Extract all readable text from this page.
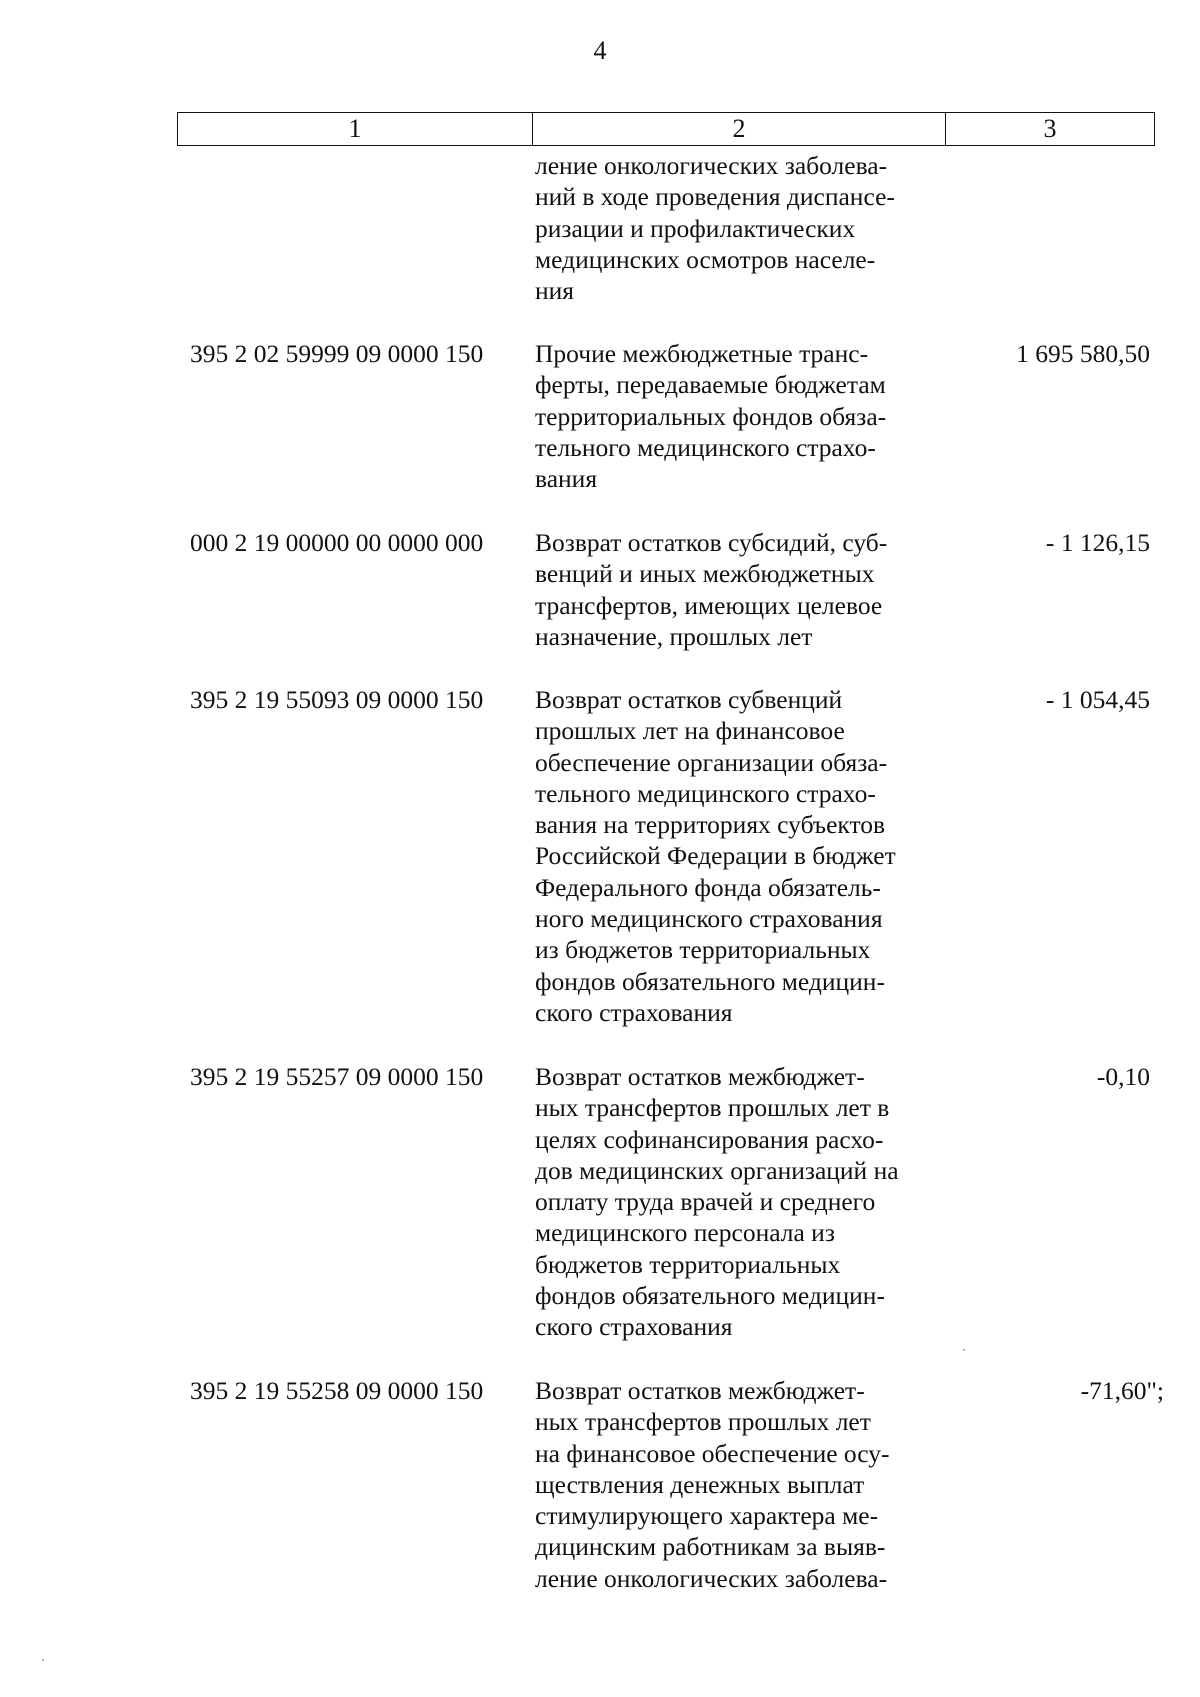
4
1	2	3
ление онкологических заболева-
ний в ходе проведения диспансе-
ризации и профилактических
медицинских осмотров населе-
ния
395 2 02 59999 09 0000 150 Прочие межбюджетные транс-
ферты, передаваемые бюджетам
территориальных фондов обяза-
тельного медицинского страхо-
вания
1 695 580,50
000 2 19 00000 00 0000 000 Возврат остатков субсидий, суб-
венций и иных межбюджетных
трансфертов, имеющих целевое
назначение, прошлых лет
- 1 126,15
395 2 19 55093 09 0000 150 Возврат остатков субвенций
прошлых лет на финансовое
обеспечение организации обяза-
тельного медицинского страхо-
вания на территориях субъектов
Российской Федерации в бюджет
Федерального фонда обязатель-
ного медицинского страхования
из бюджетов территориальных
фондов обязательного медицин-
ского страхования
- 1 054,45
395 2 19 55257 09 0000 150 Возврат остатков межбюджет-
ных трансфертов прошлых лет в
целях софинансирования расхо-
дов медицинских организаций на
оплату труда врачей и среднего
медицинского персонала из
бюджетов территориальных
фондов обязательного медицин-
ского страхования
-0,10
395 2 19 55258 09 0000 150 Возврат остатков межбюджет-
ных трансфертов прошлых лет
на финансовое обеспечение осу-
ществления денежных выплат
стимулирующего характера ме-
дицинским работникам за выяв-
ление онкологических заболева-
-71,60";
